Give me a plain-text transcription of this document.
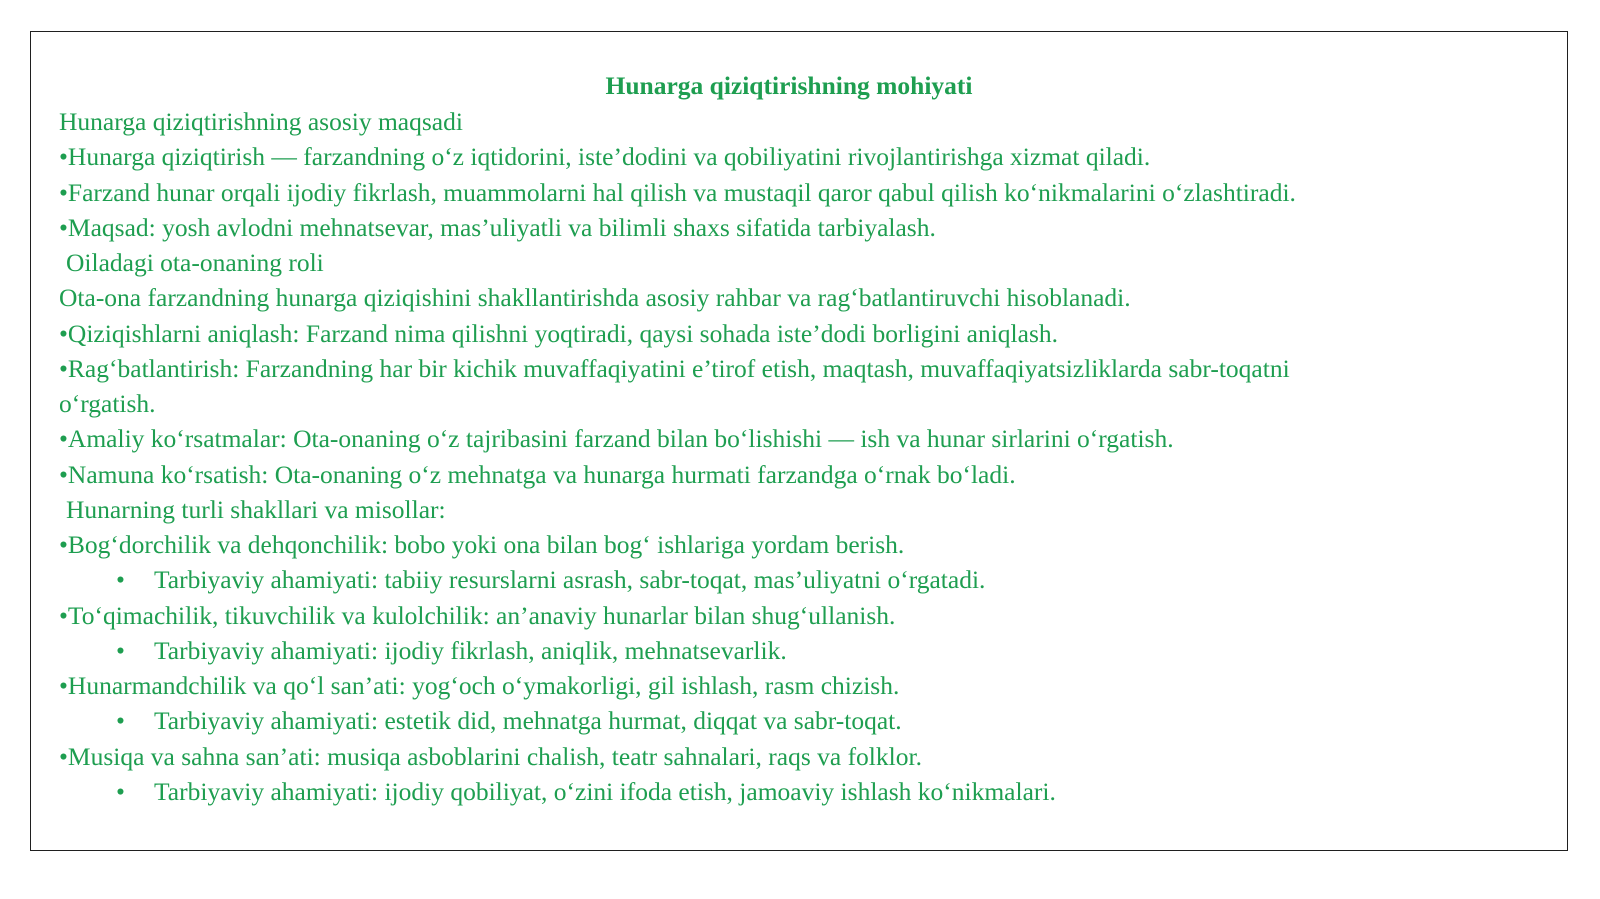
Hunarga qiziqtirishning mohiyati
Hunarga qiziqtirishning asosiy maqsadi
•Hunarga qiziqtirish — farzandning o‘z iqtidorini, iste’dodini va qobiliyatini rivojlantirishga xizmat qiladi.
•Farzand hunar orqali ijodiy fikrlash, muammolarni hal qilish va mustaqil qaror qabul qilish ko‘nikmalarini o‘zlashtiradi.
•Maqsad: yosh avlodni mehnatsevar, mas’uliyatli va bilimli shaxs sifatida tarbiyalash.
Oiladagi ota-onaning roli
Ota-ona farzandning hunarga qiziqishini shakllantirishda asosiy rahbar va rag‘batlantiruvchi hisoblanadi.
•Qiziqishlarni aniqlash: Farzand nima qilishni yoqtiradi, qaysi sohada iste’dodi borligini aniqlash.
•Rag‘batlantirish: Farzandning har bir kichik muvaffaqiyatini e’tirof etish, maqtash, muvaffaqiyatsizliklarda sabr-toqatni
o‘rgatish.
•Amaliy ko‘rsatmalar: Ota-onaning o‘z tajribasini farzand bilan bo‘lishishi — ish va hunar sirlarini o‘rgatish.
•Namuna ko‘rsatish: Ota-onaning o‘z mehnatga va hunarga hurmati farzandga o‘rnak bo‘ladi.
Hunarning turli shakllari va misollar:
•Bog‘dorchilik va dehqonchilik: bobo yoki ona bilan bog‘ ishlariga yordam berish.
• Tarbiyaviy ahamiyati: tabiiy resurslarni asrash, sabr-toqat, mas’uliyatni o‘rgatadi.
•To‘qimachilik, tikuvchilik va kulolchilik: an’anaviy hunarlar bilan shug‘ullanish.
• Tarbiyaviy ahamiyati: ijodiy fikrlash, aniqlik, mehnatsevarlik.
•Hunarmandchilik va qo‘l san’ati: yog‘och o‘ymakorligi, gil ishlash, rasm chizish.
• Tarbiyaviy ahamiyati: estetik did, mehnatga hurmat, diqqat va sabr-toqat.
•Musiqa va sahna san’ati: musiqa asboblarini chalish, teatr sahnalari, raqs va folklor.
• Tarbiyaviy ahamiyati: ijodiy qobiliyat, o‘zini ifoda etish, jamoaviy ishlash ko‘nikmalari.
